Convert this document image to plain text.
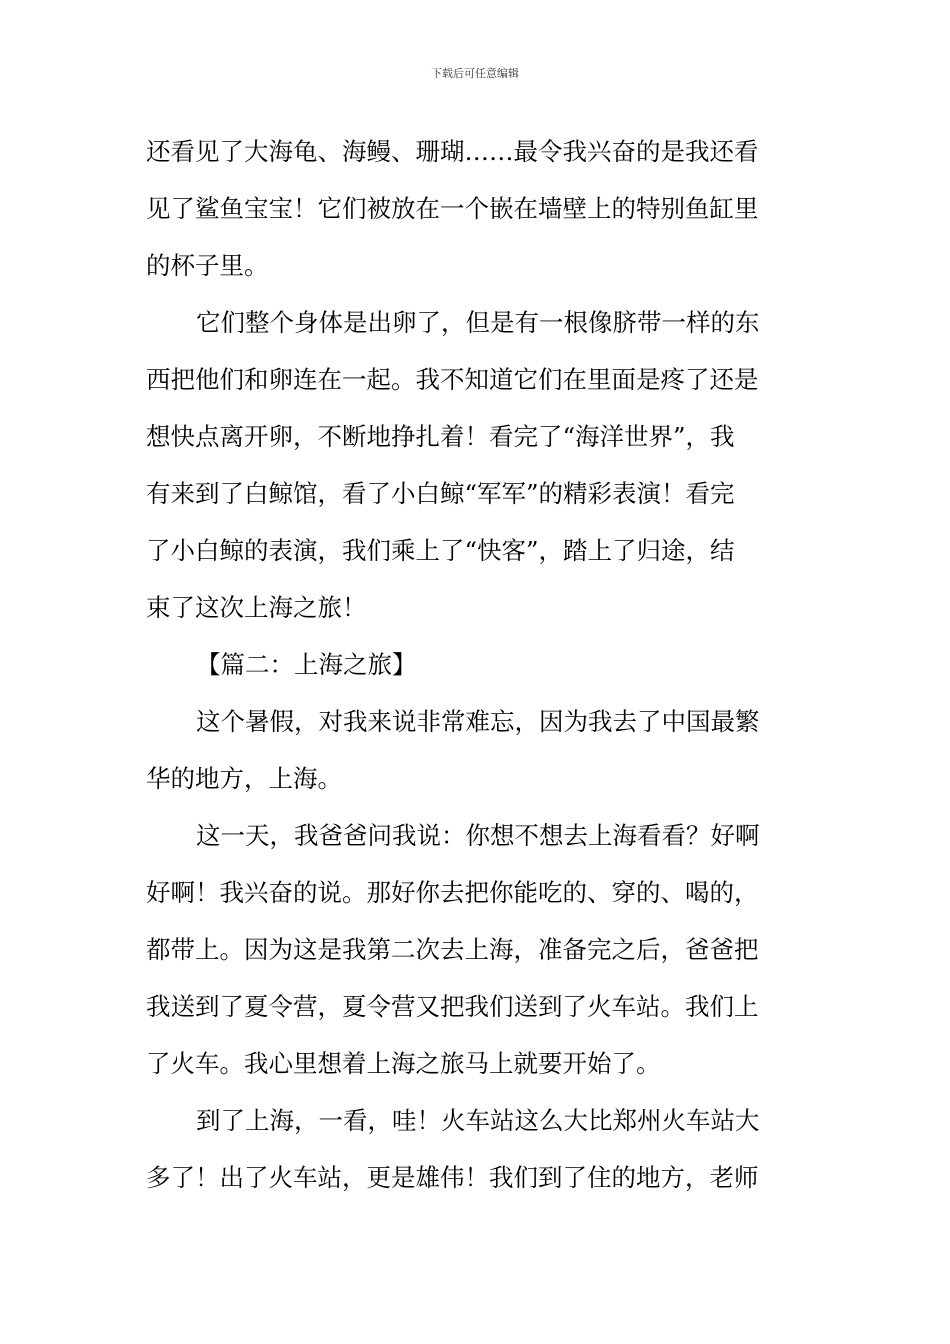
下载后可任意编辑
还看见了大海龟、海鳗、珊瑚……最令我兴奋的是我还看
见了鲨鱼宝宝！它们被放在一个嵌在墙壁上的特别鱼缸里
的杯子里。
它们整个身体是出卵了，但是有一根像脐带一样的东
西把他们和卵连在一起。我不知道它们在里面是疼了还是
想快点离开卵，不断地挣扎着！看完了“海洋世界”，我
有来到了白鲸馆，看了小白鲸“军军”的精彩表演！看完
了小白鲸的表演，我们乘上了“快客”，踏上了归途，结
束了这次上海之旅！
【篇二：上海之旅】
这个暑假，对我来说非常难忘，因为我去了中国最繁
华的地方，上海。
这一天，我爸爸问我说：你想不想去上海看看？好啊
好啊！我兴奋的说。那好你去把你能吃的、穿的、喝的，
都带上。因为这是我第二次去上海，准备完之后，爸爸把
我送到了夏令营，夏令营又把我们送到了火车站。我们上
了火车。我心里想着上海之旅马上就要开始了。
到了上海，一看，哇！火车站这么大比郑州火车站大
多了！出了火车站，更是雄伟！我们到了住的地方，老师
